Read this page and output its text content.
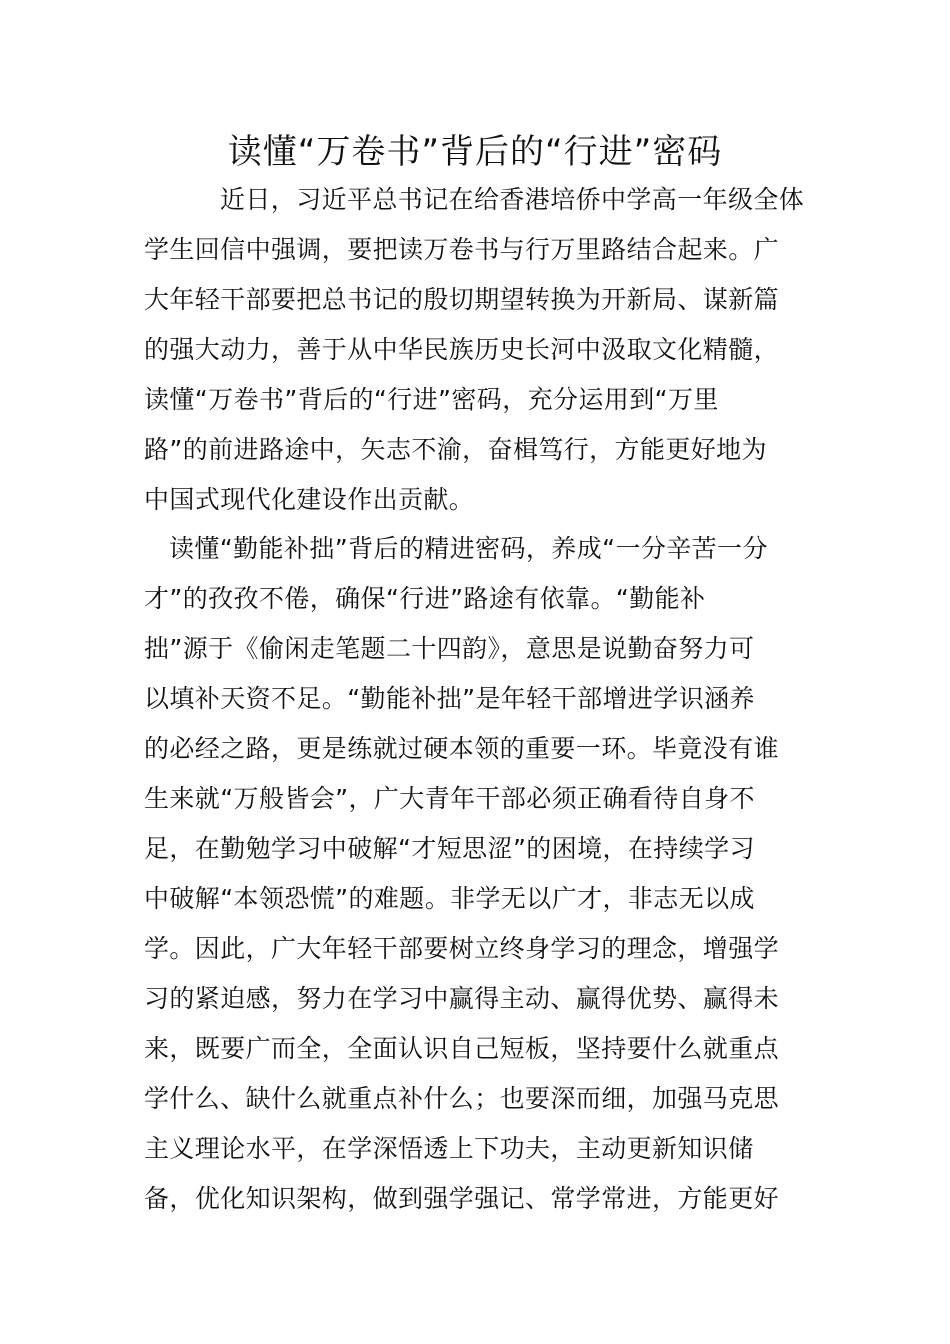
读懂“万卷书”背后的“行进”密码
近日，习近平总书记在给香港培侨中学高一年级全体
学生回信中强调，要把读万卷书与行万里路结合起来。广
大年轻干部要把总书记的殷切期望转换为开新局、谋新篇
的强大动力，善于从中华民族历史长河中汲取文化精髓，
读懂“万卷书”背后的“行进”密码，充分运用到“万里
路”的前进路途中，矢志不渝，奋楫笃行，方能更好地为
中国式现代化建设作出贡献。
读懂“勤能补拙”背后的精进密码，养成“一分辛苦一分
才”的孜孜不倦，确保“行进”路途有依靠。“勤能补
拙”源于《偷闲走笔题二十四韵》，意思是说勤奋努力可
以填补天资不足。“勤能补拙”是年轻干部增进学识涵养
的必经之路，更是练就过硬本领的重要一环。毕竟没有谁
生来就“万般皆会”，广大青年干部必须正确看待自身不
足，在勤勉学习中破解“才短思涩”的困境，在持续学习
中破解“本领恐慌”的难题。非学无以广才，非志无以成
学。因此，广大年轻干部要树立终身学习的理念，增强学
习的紧迫感，努力在学习中赢得主动、赢得优势、赢得未
来，既要广而全，全面认识自己短板，坚持要什么就重点
学什么、缺什么就重点补什么；也要深而细，加强马克思
主义理论水平，在学深悟透上下功夫，主动更新知识储
备，优化知识架构，做到强学强记、常学常进，方能更好
